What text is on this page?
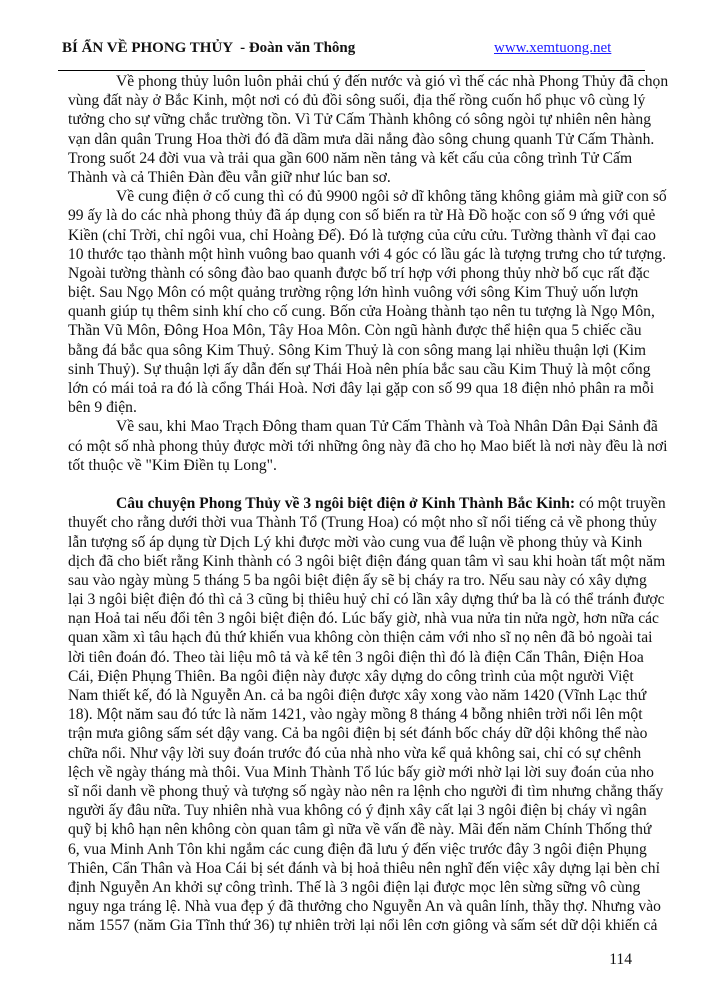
BÍ ẨN VỀ PHONG THỦY  - Đoàn văn Thông	www.xemtuong.net
Về phong thủy luôn luôn phải chú ý đến nước và gió vì thế các nhà Phong Thủy đã chọn
vùng đất này ở Bắc Kinh, một nơi có đủ đồi sông suối, địa thế rồng cuốn hổ phục vô cùng lý
tưởng cho sự vững chắc trường tồn. Vì Tử Cấm Thành không có sông ngòi tự nhiên nên hàng
vạn dân quân Trung Hoa thời đó đã dầm mưa dãi nắng đào sông chung quanh Tử Cấm Thành.
Trong suốt 24 đời vua và trải qua gần 600 năm nền tảng và kết cấu của công trình Tử Cấm
Thành và cả Thiên Đàn đều vẫn giữ như lúc ban sơ.
Về cung điện ở cố cung thì có đủ 9900 ngôi sở dĩ không tăng không giảm mà giữ con số
99 ấy là do các nhà phong thủy đã áp dụng con số biến ra từ Hà Đồ hoặc con số 9 ứng với quẻ
Kiền (chỉ Trời, chỉ ngôi vua, chỉ Hoàng Đế). Đó là tượng của cửu cửu. Tường thành vĩ đại cao
10 thước tạo thành một hình vuông bao quanh với 4 góc có lầu gác là tượng trưng cho tứ tượng.
Ngoài tường thành có sông đào bao quanh được bố trí hợp với phong thủy nhờ bố cục rất đặc
biệt. Sau Ngọ Môn có một quảng trường rộng lớn hình vuông với sông Kim Thuỷ uốn lượn
quanh giúp tụ thêm sinh khí cho cố cung. Bốn cửa Hoàng thành tạo nên tu tượng là Ngọ Môn,
Thần Vũ Môn, Đông Hoa Môn, Tây Hoa Môn. Còn ngũ hành được thể hiện qua 5 chiếc cầu
bằng đá bắc qua sông Kim Thuỷ. Sông Kim Thuỷ là con sông mang lại nhiều thuận lợi (Kim
sinh Thuỷ). Sự thuận lợi ấy dẫn đến sự Thái Hoà nên phía bắc sau cầu Kim Thuỷ là một cổng
lớn có mái toả ra đó là cổng Thái Hoà. Nơi đây lại gặp con số 99 qua 18 điện nhỏ phân ra mỗi
bên 9 điện.
Về sau, khi Mao Trạch Đông tham quan Tử Cấm Thành và Toà Nhân Dân Đại Sảnh đã
có một số nhà phong thủy được mời tới những ông này đã cho họ Mao biết là nơi này đều là nơi
tốt thuộc về "Kim Điền tụ Long".
Câu chuyện Phong Thủy về 3 ngôi biệt điện ở Kinh Thành Bắc Kinh: có một truyền
thuyết cho rằng dưới thời vua Thành Tổ (Trung Hoa) có một nho sĩ nổi tiếng cả về phong thủy
lẫn tượng số áp dụng từ Dịch Lý khi được mời vào cung vua để luận về phong thủy và Kinh
dịch đã cho biết rằng Kinh thành có 3 ngôi biệt điện đáng quan tâm vì sau khi hoàn tất một năm
sau vào ngày mùng 5 tháng 5 ba ngôi biệt điện ấy sẽ bị cháy ra tro. Nếu sau này có xây dựng
lại 3 ngôi biệt điện đó thì cả 3 cũng bị thiêu huỷ chỉ có lần xây dựng thứ ba là có thể tránh được
nạn Hoả tai nếu đổi tên 3 ngôi biệt điện đó. Lúc bấy giờ, nhà vua nửa tin nửa ngờ, hơn nữa các
quan xầm xì tâu hạch đủ thứ khiến vua không còn thiện cảm với nho sĩ nọ nên đã bỏ ngoài tai
lời tiên đoán đó. Theo tài liệu mô tả và kể tên 3 ngôi điện thì đó là điện Cẩn Thân, Điện Hoa
Cái, Điện Phụng Thiên. Ba ngôi điện này được xây dựng do công trình của một người Việt
Nam thiết kế, đó là Nguyễn An. cả ba ngôi điện được xây xong vào năm 1420 (Vĩnh Lạc thứ
18). Một năm sau đó tức là năm 1421, vào ngày mồng 8 tháng 4 bỗng nhiên trời nổi lên một
trận mưa giông sấm sét dậy vang. Cả ba ngôi điện bị sét đánh bốc cháy dữ dội không thể nào
chữa nổi. Như vậy lời suy đoán trước đó của nhà nho vừa kể quả không sai, chỉ có sự chênh
lệch về ngày tháng mà thôi. Vua Minh Thành Tổ lúc bấy giờ mới nhờ lại lời suy đoán của nho
sĩ nổi danh về phong thuỷ và tượng số ngày nào nên ra lệnh cho người đi tìm nhưng chẳng thấy
người ấy đâu nữa. Tuy nhiên nhà vua không có ý định xây cất lại 3 ngôi điện bị cháy vì ngân
quỹ bị khô hạn nên không còn quan tâm gì nữa về vấn đề này. Mãi đến năm Chính Thống thứ
6, vua Minh Anh Tôn khi ngắm các cung điện đã lưu ý đến việc trước đây 3 ngôi điện Phụng
Thiên, Cẩn Thân và Hoa Cái bị sét đánh và bị hoả thiêu nên nghĩ đến việc xây dựng lại bèn chỉ
định Nguyễn An khởi sự công trình. Thế là 3 ngôi điện lại được mọc lên sừng sững vô cùng
nguy nga tráng lệ. Nhà vua đẹp ý đã thưởng cho Nguyễn An và quân lính, thầy thợ. Nhưng vào
năm 1557 (năm Gia Tĩnh thứ 36) tự nhiên trời lại nổi lên cơn giông và sấm sét dữ dội khiến cả
114
